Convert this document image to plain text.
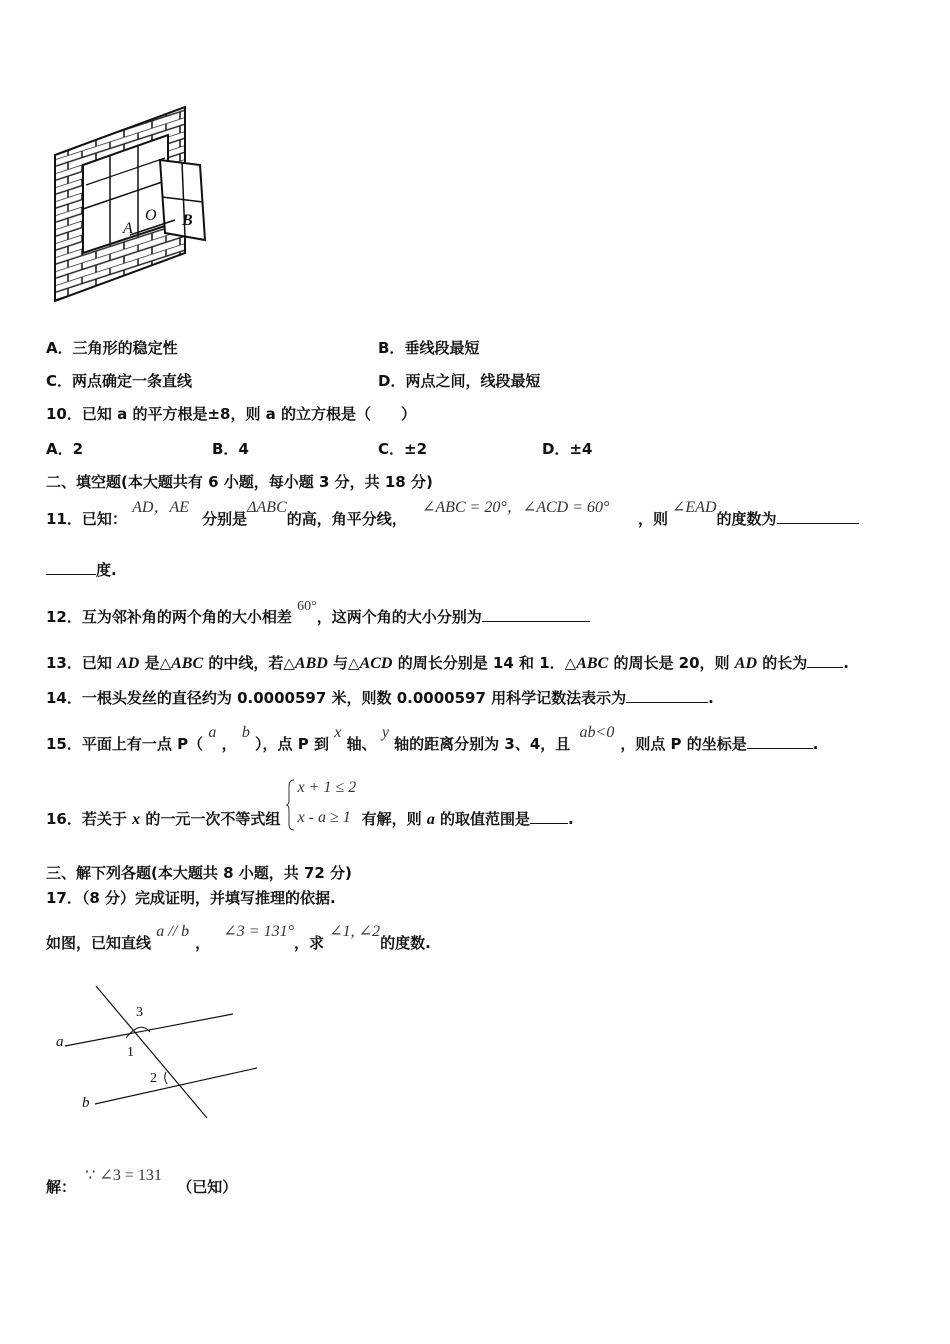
A
O B
A．三角形的稳定性	B．垂线段最短
C．两点确定一条直线	D．两点之间，线段最短
10．已知 a 的平方根是±8，则 a 的立方根是（　　）
A．2	B．4	C．±2	D．±4
二、填空题(本大题共有 6 小题，每小题 3 分，共 18 分)
11．已知： AD，AE分别是ΔABC的高，角平分线， ∠ABC = 20°，∠ACD = 60°，则∠EAD的度数为
度.
12．互为邻补角的两个角的大小相差 60°，这两个角的大小分别为
13．已知 AD 是△ABC 的中线，若△ABD 与△ACD 的周长分别是 14 和 1．△ABC 的周长是 20，则 AD 的长为 .
14．一根头发丝的直径约为 0.0000597 米，则数 0.0000597 用科学记数法表示为	.
15．平面上有一点 P（ a ， b ），点 P 到 x 轴、 y 轴的距离分别为 3、4，且 ab<0，则点 P 的坐标是	.
16．若关于 x 的一元一次不等式组
x + 1 ≤ 2
x - a ≥ 1 有解，则 a 的取值范围是	.
三、解下列各题(本大题共 8 小题，共 72 分)
17．（8 分）完成证明，并填写推理的依据.
如图，已知直线 a // b， ∠3 = 131°，求 ∠1, ∠2的度数.
a
b
1
2
3
解： ∵ ∠3 = 131（已知）
